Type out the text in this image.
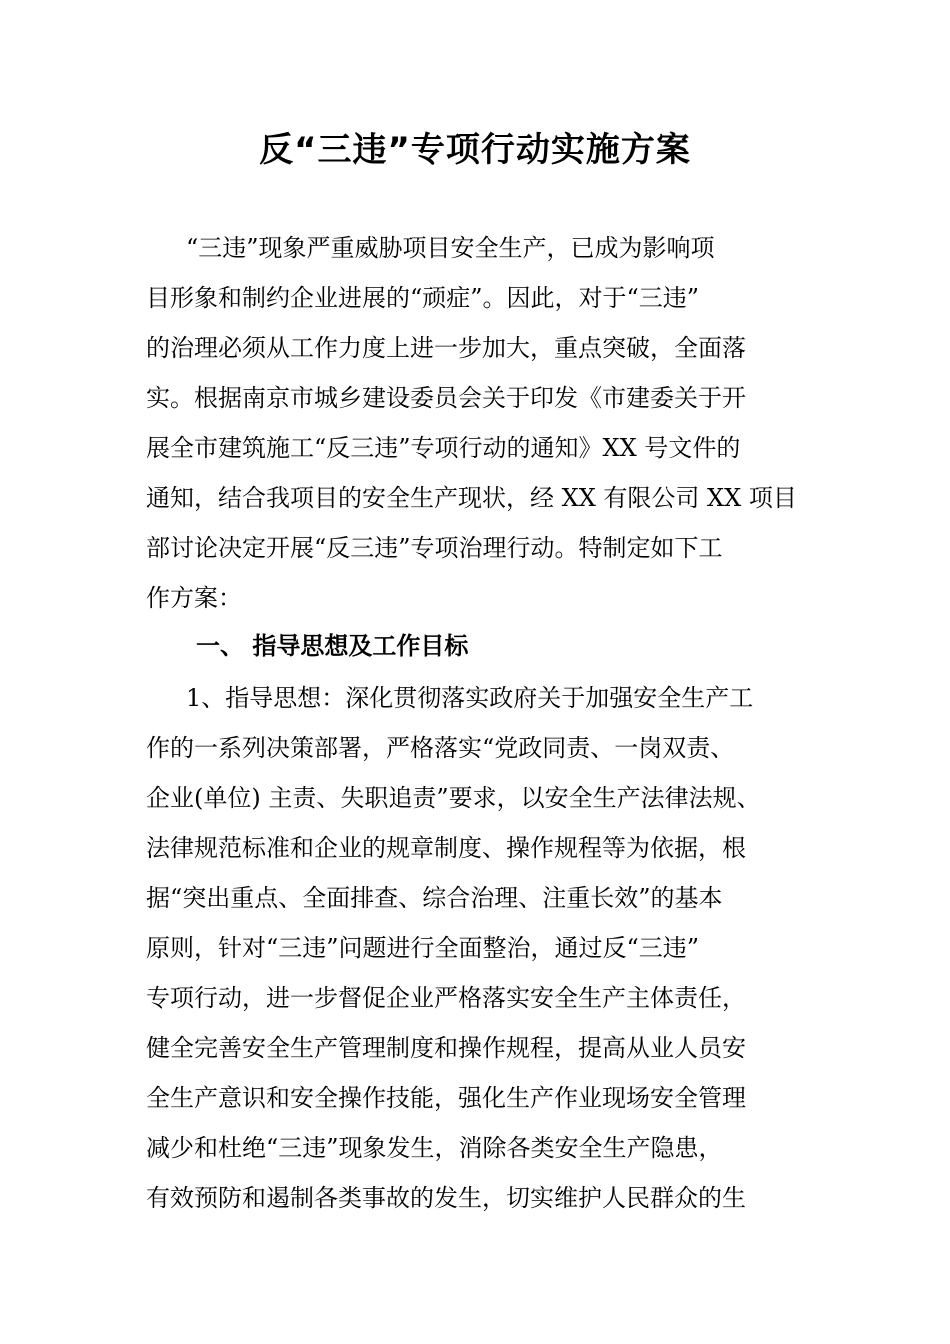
反“三违”专项行动实施方案

“三违”现象严重威胁项目安全生产，已成为影响项

目形象和制约企业进展的“顽症”。因此，对于“三违”

的治理必须从工作力度上进一步加大，重点突破，全面落

实。根据南京市城乡建设委员会关于印发《市建委关于开

展全市建筑施工“反三违”专项行动的通知》XX 号文件的

通知，结合我项目的安全生产现状，经 XX 有限公司 XX 项目

部讨论决定开展“反三违”专项治理行动。特制定如下工

作方案：

一、 指导思想及工作目标

1、指导思想：深化贯彻落实政府关于加强安全生产工

作的一系列决策部署，严格落实“党政同责、一岗双责、

企业(单位) 主责、失职追责”要求，以安全生产法律法规、

法律规范标准和企业的规章制度、操作规程等为依据，根

据“突出重点、全面排查、综合治理、注重长效”的基本

原则，针对“三违”问题进行全面整治，通过反“三违”

专项行动，进一步督促企业严格落实安全生产主体责任，

健全完善安全生产管理制度和操作规程，提高从业人员安

全生产意识和安全操作技能，强化生产作业现场安全管理

减少和杜绝“三违”现象发生，消除各类安全生产隐患，

有效预防和遏制各类事故的发生，切实维护人民群众的生
